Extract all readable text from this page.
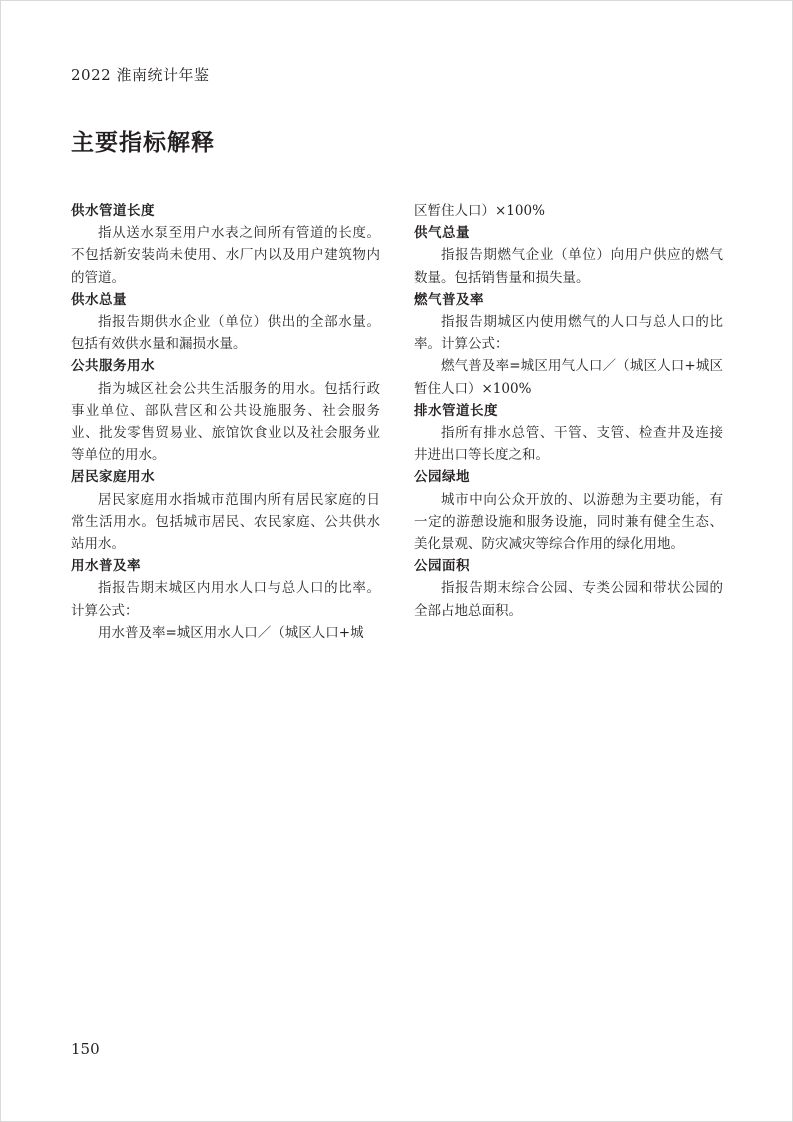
2022 淮南统计年鉴
主要指标解释
供水管道长度

指从送水泵至用户水表之间所有管道的长度。不包括新安装尚未使用、水厂内以及用户建筑物内的管道。

供水总量

指报告期供水企业（单位）供出的全部水量。包括有效供水量和漏损水量。

公共服务用水

指为城区社会公共生活服务的用水。包括行政事业单位、部队营区和公共设施服务、社会服务业、批发零售贸易业、旅馆饮食业以及社会服务业等单位的用水。

居民家庭用水

居民家庭用水指城市范围内所有居民家庭的日常生活用水。包括城市居民、农民家庭、公共供水站用水。

用水普及率

指报告期末城区内用水人口与总人口的比率。计算公式：

用水普及率=城区用水人口／（城区人口+城

区暂住人口）×100%

供气总量

指报告期燃气企业（单位）向用户供应的燃气数量。包括销售量和损失量。

燃气普及率

指报告期城区内使用燃气的人口与总人口的比率。计算公式：

燃气普及率=城区用气人口／（城区人口+城区暂住人口）×100%

排水管道长度

指所有排水总管、干管、支管、检查井及连接井进出口等长度之和。

公园绿地

城市中向公众开放的、以游憩为主要功能，有一定的游憩设施和服务设施，同时兼有健全生态、美化景观、防灾减灾等综合作用的绿化用地。

公园面积

指报告期末综合公园、专类公园和带状公园的全部占地总面积。

150
